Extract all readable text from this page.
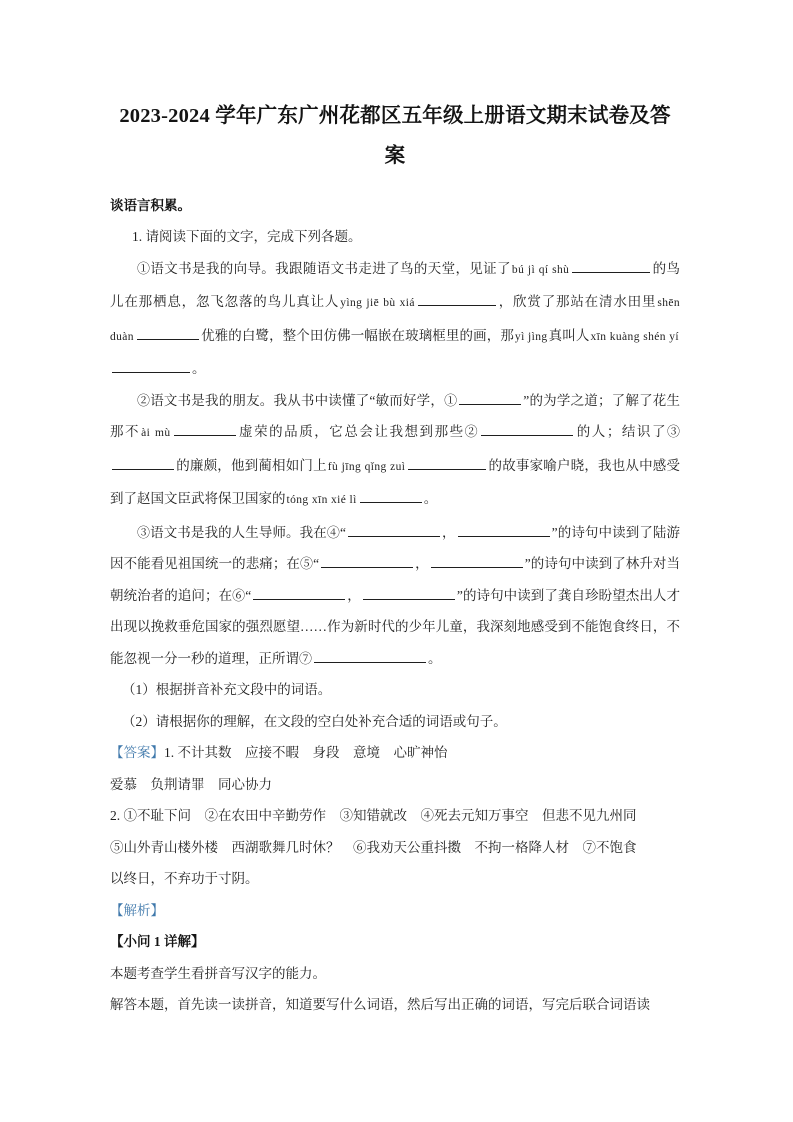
2023-2024 学年广东广州花都区五年级上册语文期末试卷及答案

谈语言积累。

1. 请阅读下面的文字，完成下列各题。

①语文书是我的向导。我跟随语文书走进了鸟的天堂，见证了bú jì qí shù	的鸟儿在那栖息，忽飞忽落的鸟儿真让人yìng jiē bù xiá	，欣赏了那站在清水田里shēn duàn	优雅的白鹭，整个田仿佛一幅嵌在玻璃框里的画，那yì jìng真叫人xīn kuàng shén yí。

②语文书是我的朋友。我从书中读懂了“敏而好学，①	”的为学之道；了解了花生那不ài mù	虚荣的品质，它总会让我想到那些②	的人；结识了③的廉颇，他到蔺相如门上fù jīng qǐng zuì	的故事家喻户晓，我也从中感受到了赵国文臣武将保卫国家的tóng xīn xié lì	。

③语文书是我的人生导师。我在④“	，	”的诗句中读到了陆游因不能看见祖国统一的悲痛；在⑤“	，	”的诗句中读到了林升对当朝统治者的追问；在⑥“	，	”的诗句中读到了龚自珍盼望杰出人才出现以挽救垂危国家的强烈愿望……作为新时代的少年儿童，我深刻地感受到不能饱食终日，不能忽视一分一秒的道理，正所谓⑦	。

（1）根据拼音补充文段中的词语。

（2）请根据你的理解，在文段的空白处补充合适的词语或句子。

【答案】1. 不计其数　应接不暇　身段　意境　心旷神怡

爱慕　负荆请罪　同心协力

2. ①不耻下问　②在农田中辛勤劳作　③知错就改　④死去元知万事空　但悲不见九州同

⑤山外青山楼外楼　西湖歌舞几时休？　⑥我劝天公重抖擞　不拘一格降人材　⑦不饱食

以终日，不弃功于寸阴。

【解析】

【小问 1 详解】

本题考查学生看拼音写汉字的能力。

解答本题，首先读一读拼音，知道要写什么词语，然后写出正确的词语，写完后联合词语读
